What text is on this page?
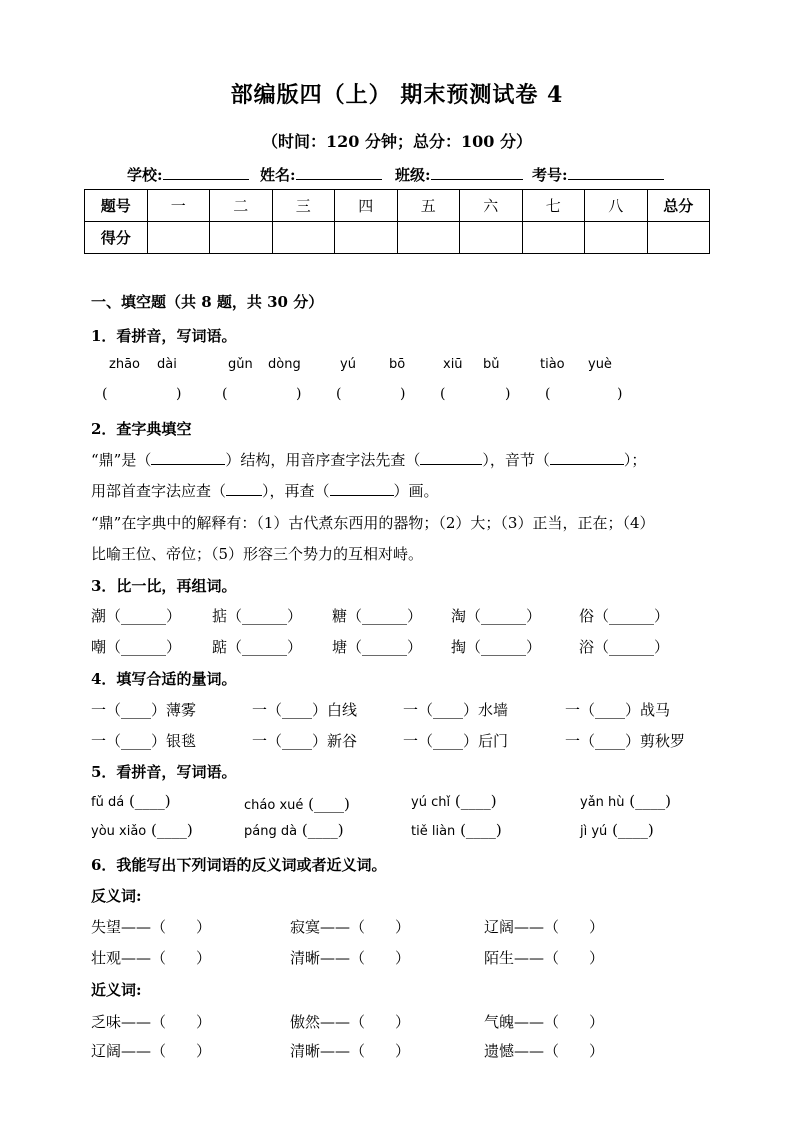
部编版四（上） 期末预测试卷 4
（时间：120 分钟；总分：100 分）
学校:	姓名:	班级:	考号:
题号	一	二	三	四	五	六	七	八	总分
得分									
一、填空题（共 8 题，共 30 分）
1．看拼音，写词语。
zhāo dài	gǔn dòng	yú	bō	xiū bǔ	tiào yuè
(	)	(	) (	) (	) (	)
2．查字典填空
“鼎”是（	）结构，用音序查字法先查（	），音节（	）；
用部首查字法应查（ ），再查（	）画。
“鼎”在字典中的解释有：（1）古代煮东西用的器物；（2）大；（3）正当，正在；（4）
比喻王位、帝位；（5）形容三个势力的互相对峙。
3．比一比，再组词。
潮（______） 掂（______） 糖（______） 淘（______）	俗（______）
嘲（______） 踮（______） 塘（______） 掏（______）	浴（______）
4．填写合适的量词。
一（____）薄雾	一（____）白线	一（____）水墙	一（____）战马
一（____）银毯	一（____）新谷	一（____）后门	一（____）剪秋罗
5．看拼音，写词语。
fǔ dá (____)	cháo xué (____)	yú chǐ (____)	yǎn hù (____)
yòu xiǎo (____)	páng dà (____)	tiě liàn (____)	jì yú (____)
6．我能写出下列词语的反义词或者近义词。
反义词:
失望——（　　）	寂寞——（　　）	辽阔——（　　）
壮观——（　　）	清晰——（　　）	陌生——（　　）
近义词:
乏味——（　　）	傲然——（　　）	气魄——（　　）
辽阔——（　　）	清晰——（　　）	遗憾——（　　）
